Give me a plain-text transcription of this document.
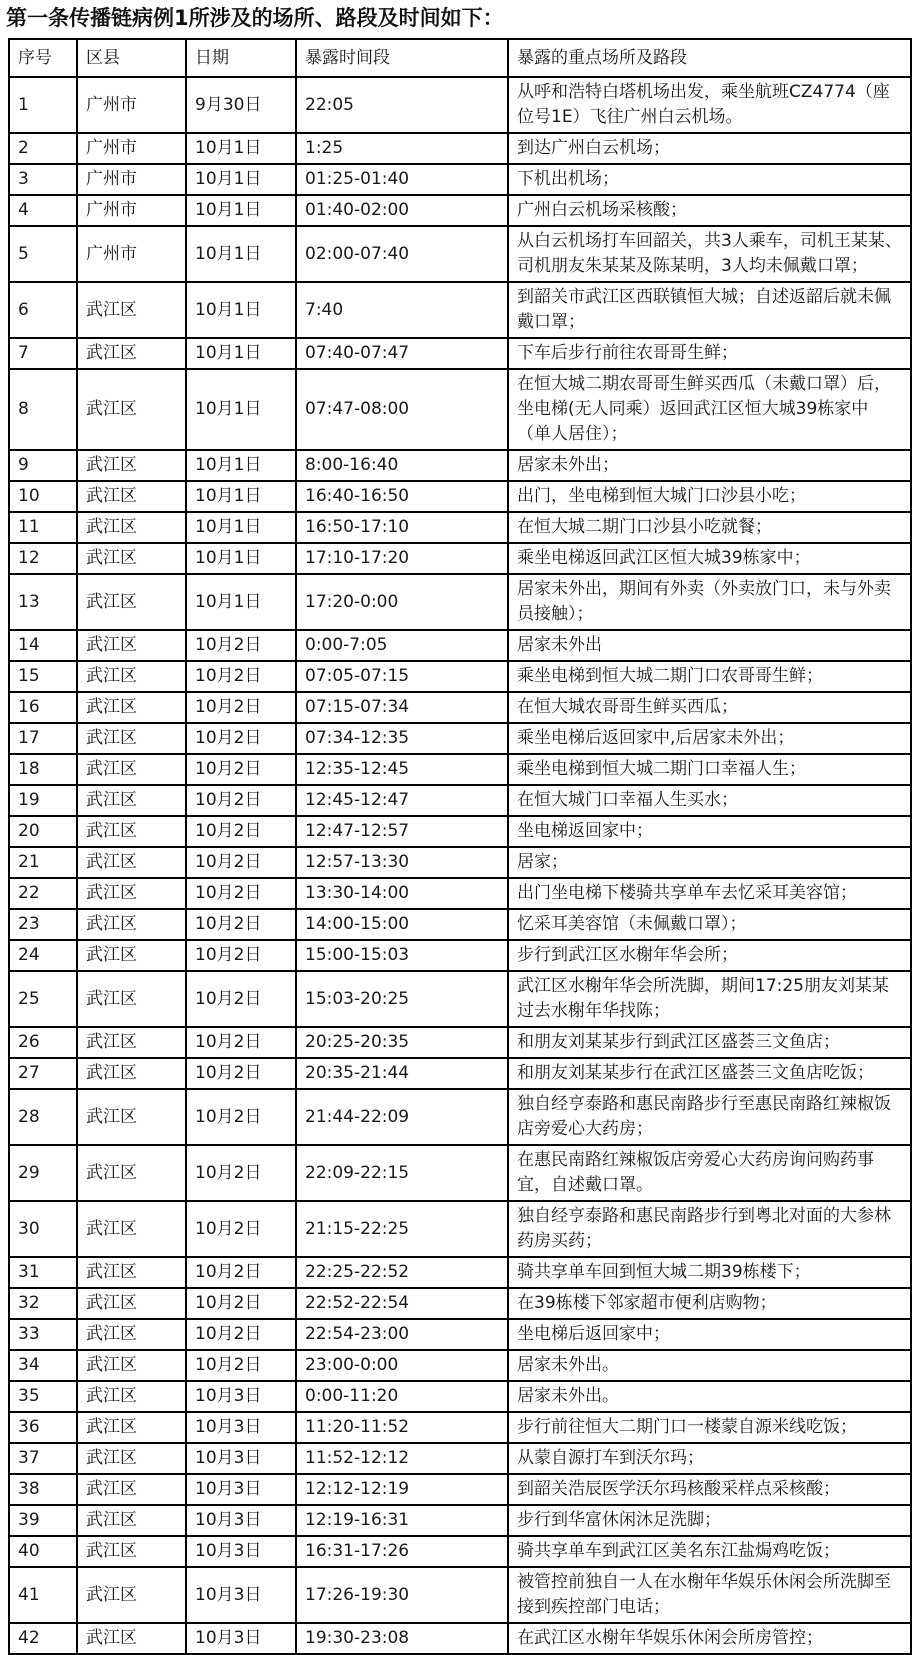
第一条传播链病例1所涉及的场所、路段及时间如下：
序号	区县	日期	暴露时间段	暴露的重点场所及路段
1	广州市	9月30日	22:05	从呼和浩特白塔机场出发，乘坐航班CZ4774（座位号1E）飞往广州白云机场。
2	广州市	10月1日	1:25	到达广州白云机场；
3	广州市	10月1日	01:25-01:40	下机出机场；
4	广州市	10月1日	01:40-02:00	广州白云机场采核酸；
5	广州市	10月1日	02:00-07:40	从白云机场打车回韶关，共3人乘车，司机王某某、司机朋友朱某某及陈某明，3人均未佩戴口罩；
6	武江区	10月1日	7:40	到韶关市武江区西联镇恒大城；自述返韶后就未佩戴口罩；
7	武江区	10月1日	07:40-07:47	下车后步行前往农哥哥生鲜；
8	武江区	10月1日	07:47-08:00	在恒大城二期农哥哥生鲜买西瓜（未戴口罩）后，坐电梯(无人同乘）返回武江区恒大城39栋家中（单人居住）；
9	武江区	10月1日	8:00-16:40	居家未外出；
10	武江区	10月1日	16:40-16:50	出门，坐电梯到恒大城门口沙县小吃；
11	武江区	10月1日	16:50-17:10	在恒大城二期门口沙县小吃就餐；
12	武江区	10月1日	17:10-17:20	乘坐电梯返回武江区恒大城39栋家中；
13	武江区	10月1日	17:20-0:00	居家未外出，期间有外卖（外卖放门口，未与外卖员接触）；
14	武江区	10月2日	0:00-7:05	居家未外出
15	武江区	10月2日	07:05-07:15	乘坐电梯到恒大城二期门口农哥哥生鲜；
16	武江区	10月2日	07:15-07:34	在恒大城农哥哥生鲜买西瓜；
17	武江区	10月2日	07:34-12:35	乘坐电梯后返回家中,后居家未外出；
18	武江区	10月2日	12:35-12:45	乘坐电梯到恒大城二期门口幸福人生；
19	武江区	10月2日	12:45-12:47	在恒大城门口幸福人生买水；
20	武江区	10月2日	12:47-12:57	坐电梯返回家中；
21	武江区	10月2日	12:57-13:30	居家；
22	武江区	10月2日	13:30-14:00	出门坐电梯下楼骑共享单车去忆采耳美容馆；
23	武江区	10月2日	14:00-15:00	忆采耳美容馆（未佩戴口罩）；
24	武江区	10月2日	15:00-15:03	步行到武江区水榭年华会所；
25	武江区	10月2日	15:03-20:25	武江区水榭年华会所洗脚，期间17:25朋友刘某某过去水榭年华找陈；
26	武江区	10月2日	20:25-20:35	和朋友刘某某步行到武江区盛荟三文鱼店；
27	武江区	10月2日	20:35-21:44	和朋友刘某某步行在武江区盛荟三文鱼店吃饭；
28	武江区	10月2日	21:44-22:09	独自经亨泰路和惠民南路步行至惠民南路红辣椒饭店旁爱心大药房；
29	武江区	10月2日	22:09-22:15	在惠民南路红辣椒饭店旁爱心大药房询问购药事宜，自述戴口罩。
30	武江区	10月2日	21:15-22:25	独自经亨泰路和惠民南路步行到粤北对面的大参林药房买药；
31	武江区	10月2日	22:25-22:52	骑共享单车回到恒大城二期39栋楼下；
32	武江区	10月2日	22:52-22:54	在39栋楼下邻家超市便利店购物；
33	武江区	10月2日	22:54-23:00	坐电梯后返回家中；
34	武江区	10月2日	23:00-0:00	居家未外出。
35	武江区	10月3日	0:00-11:20	居家未外出。
36	武江区	10月3日	11:20-11:52	步行前往恒大二期门口一楼蒙自源米线吃饭；
37	武江区	10月3日	11:52-12:12	从蒙自源打车到沃尔玛；
38	武江区	10月3日	12:12-12:19	到韶关浩辰医学沃尔玛核酸采样点采核酸；
39	武江区	10月3日	12:19-16:31	步行到华富休闲沐足洗脚；
40	武江区	10月3日	16:31-17:26	骑共享单车到武江区美名东江盐焗鸡吃饭；
41	武江区	10月3日	17:26-19:30	被管控前独自一人在水榭年华娱乐休闲会所洗脚至接到疾控部门电话；
42	武江区	10月3日	19:30-23:08	在武江区水榭年华娱乐休闲会所房管控；
